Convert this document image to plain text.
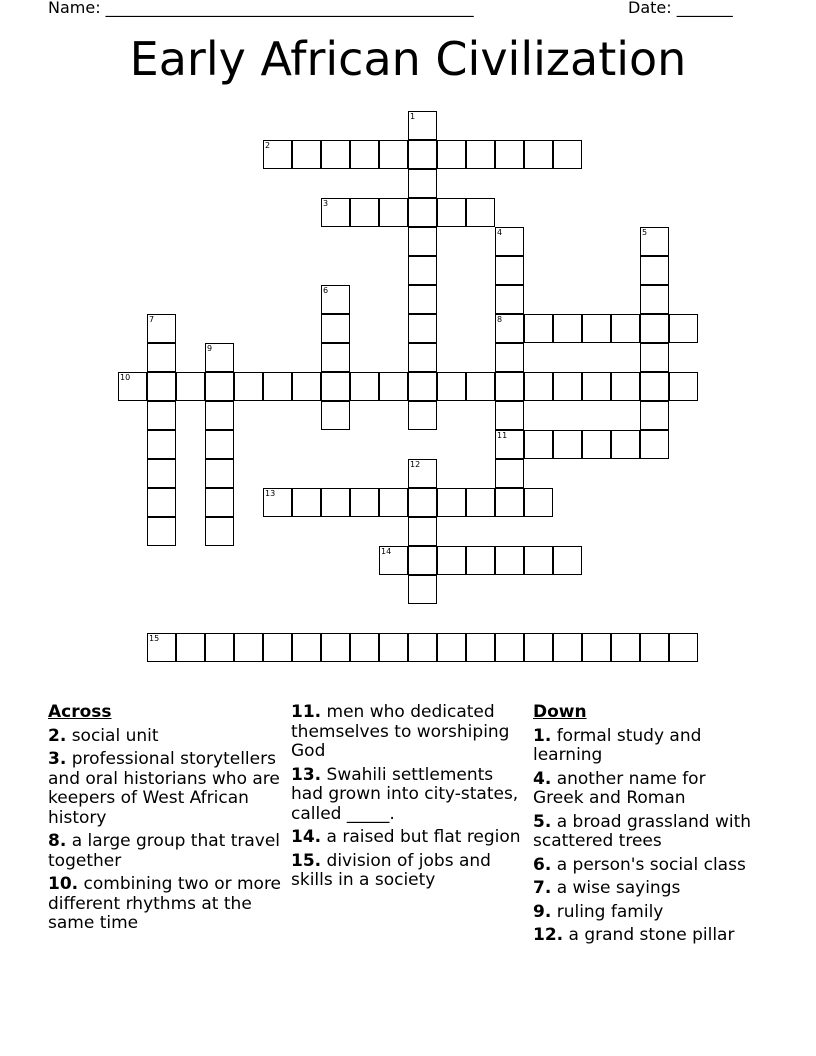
Name: ______________________________________________	Date: _______
Early African Civilization
1
2
3
4
8
11
5
6
7
9
10
12
13
14
15
Across
2. social unit
3. professional storytellers and oral historians who are keepers of West African history
8. a large group that travel together
10. combining two or more different rhythms at the same time
11. men who dedicated themselves to worshiping God
13. Swahili settlements had grown into city-states, called _____.
14. a raised but flat region
15. division of jobs and skills in a society
Down
1. formal study and learning
4. another name for Greek and Roman
5. a broad grassland with scattered trees
6. a person's social class
7. a wise sayings
9. ruling family
12. a grand stone pillar
